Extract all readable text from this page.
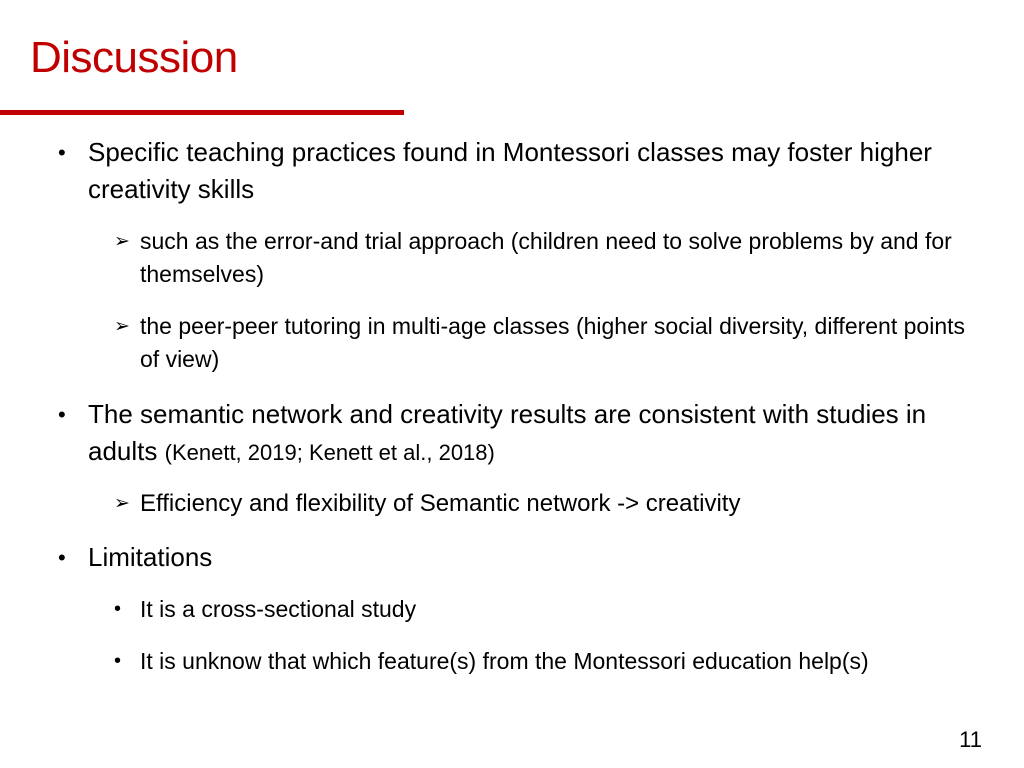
Discussion
• Specific teaching practices found in Montessori classes may foster higher creativity skills
➢ such as the error-and trial approach (children need to solve problems by and for themselves)
➢ the peer-peer tutoring in multi-age classes (higher social diversity, different points of view)
• The semantic network and creativity results are consistent with studies in adults (Kenett, 2019; Kenett et al., 2018)
➢ Efficiency and flexibility of Semantic network -> creativity
• Limitations
• It is a cross-sectional study
• It is unknow that which feature(s) from the Montessori education help(s)
11
